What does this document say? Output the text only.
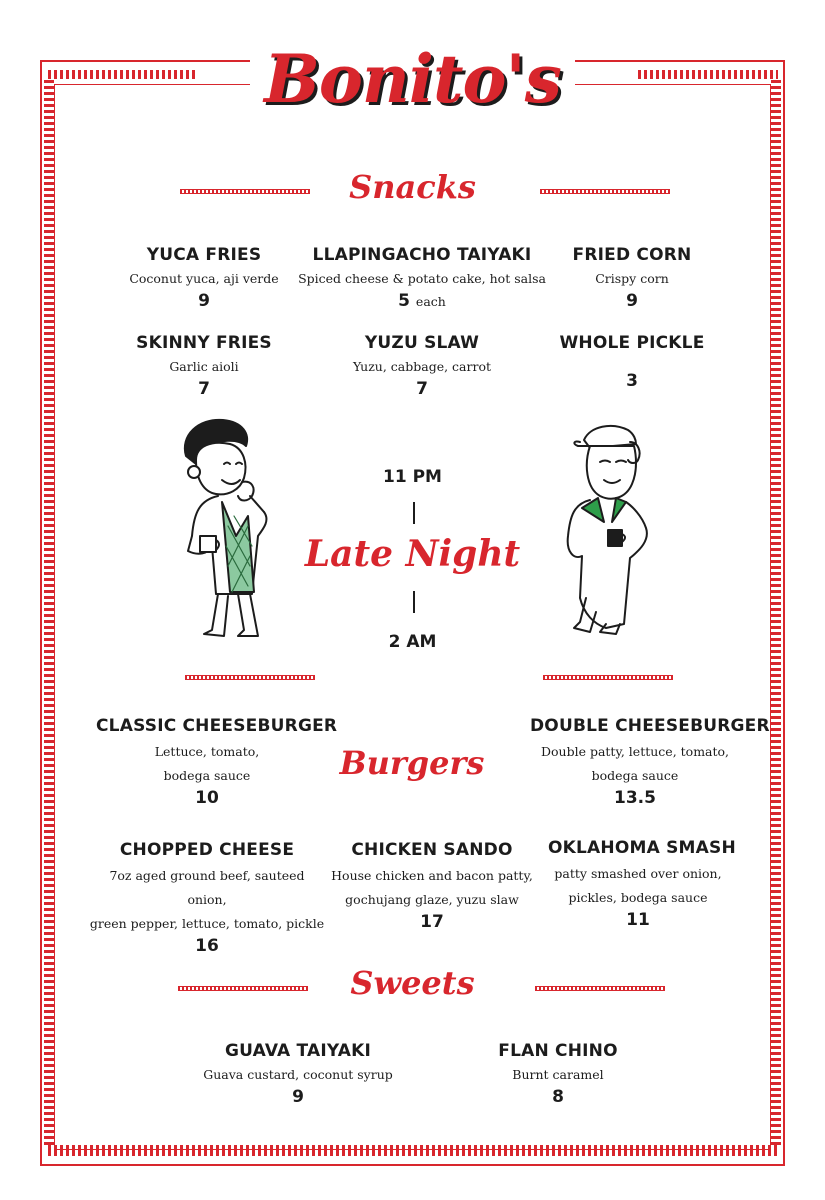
Bonito's
Snacks
YUCA FRIES
Coconut yuca, aji verde
9
LLAPINGACHO TAIYAKI
Spiced cheese & potato cake, hot salsa
5 each
FRIED CORN
Crispy corn
9
SKINNY FRIES
Garlic aioli
7
YUZU SLAW
Yuzu, cabbage, carrot
7
WHOLE PICKLE
3
11 PM
Late Night
2 AM
Burgers
CLASSIC CHEESEBURGER
Lettuce, tomato,
bodega sauce
10
DOUBLE CHEESEBURGER
Double patty, lettuce, tomato,
bodega sauce
13.5
CHOPPED CHEESE
7oz aged ground beef, sauteed onion,
green pepper, lettuce, tomato, pickle
16
CHICKEN SANDO
House chicken and bacon patty,
gochujang glaze, yuzu slaw
17
OKLAHOMA SMASH
patty smashed over onion,
pickles, bodega sauce
11
Sweets
GUAVA TAIYAKI
Guava custard, coconut syrup
9
FLAN CHINO
Burnt caramel
8
